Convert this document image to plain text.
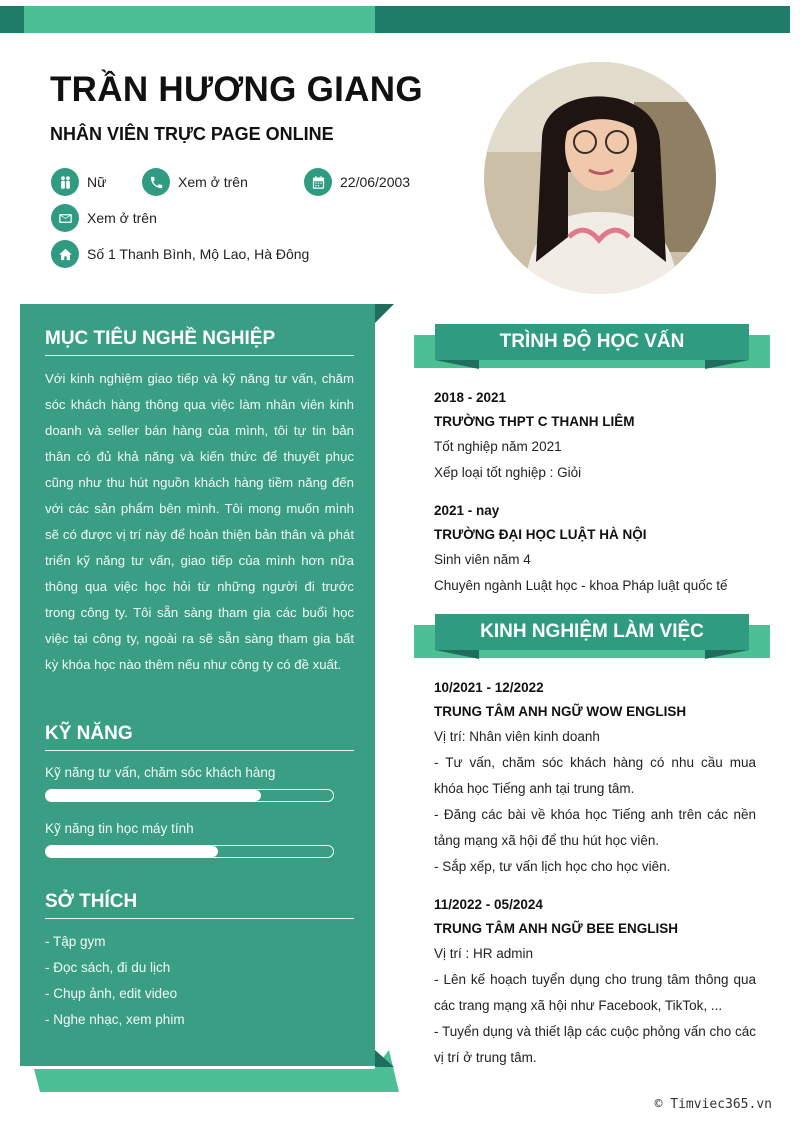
TRẦN HƯƠNG GIANG
NHÂN VIÊN TRỰC PAGE ONLINE
Nữ	Xem ở trên	22/06/2003
Xem ở trên
Số 1 Thanh Bình, Mộ Lao, Hà Đông
MỤC TIÊU NGHỀ NGHIỆP

Với kinh nghiệm giao tiếp và kỹ năng tư vấn, chăm sóc khách hàng thông qua việc làm nhân viên kinh doanh và seller bán hàng của mình, tôi tự tin bản thân có đủ khả năng và kiến thức để thuyết phục cũng như thu hút nguồn khách hàng tiềm năng đến với các sản phẩm bên mình. Tôi mong muốn mình sẽ có được vị trí này để hoàn thiện bản thân và phát triển kỹ năng tư vấn, giao tiếp của mình hơn nữa thông qua việc học hỏi từ những người đi trước trong công ty. Tôi sẵn sàng tham gia các buổi học việc tại công ty, ngoài ra sẽ sẵn sàng tham gia bất kỳ khóa học nào thêm nếu như công ty có đề xuất.

KỸ NĂNG
Kỹ năng tư vấn, chăm sóc khách hàng
Kỹ năng tin học máy tính
SỞ THÍCH
- Tập gym
- Đọc sách, đi du lịch
- Chụp ảnh, edit video
- Nghe nhạc, xem phim
TRÌNH ĐỘ HỌC VẤN
2018 - 2021
TRƯỜNG THPT C THANH LIÊM
Tốt nghiệp năm 2021
Xếp loại tốt nghiệp : Giỏi
2021 - nay
TRƯỜNG ĐẠI HỌC LUẬT HÀ NỘI
Sinh viên năm 4
Chuyên ngành Luật học - khoa Pháp luật quốc tế
KINH NGHIỆM LÀM VIỆC
10/2021 - 12/2022
TRUNG TÂM ANH NGỮ WOW ENGLISH
Vị trí: Nhân viên kinh doanh
- Tư vấn, chăm sóc khách hàng có nhu cầu mua khóa học Tiếng anh tại trung tâm.
- Đăng các bài về khóa học Tiếng anh trên các nền tảng mạng xã hội để thu hút học viên.
- Sắp xếp, tư vấn lịch học cho học viên.
11/2022 - 05/2024
TRUNG TÂM ANH NGỮ BEE ENGLISH
Vị trí : HR admin
- Lên kế hoạch tuyển dụng cho trung tâm thông qua các trang mạng xã hội như Facebook, TikTok, ...
- Tuyển dụng và thiết lập các cuộc phỏng vấn cho các vị trí ở trung tâm.
© Timviec365.vn
